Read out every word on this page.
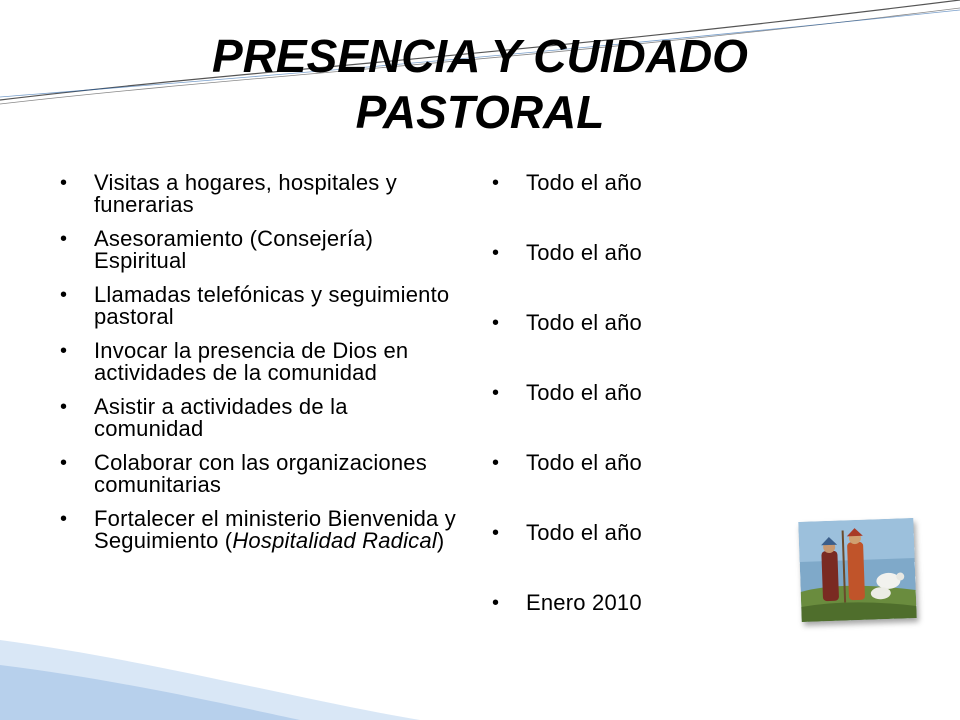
PRESENCIA Y CUIDADO
PASTORAL
• Visitas a hogares, hospitales y funerarias
• Asesoramiento (Consejería) Espiritual
• Llamadas telefónicas y seguimiento pastoral
• Invocar la presencia de Dios en actividades de la comunidad
• Asistir a actividades de la comunidad
• Colaborar con las organizaciones comunitarias
• Fortalecer el ministerio Bienvenida y Seguimiento (Hospitalidad Radical)
• Todo el año
• Todo el año
• Todo el año
• Todo el año
• Todo el año
• Todo el año
• Enero 2010
